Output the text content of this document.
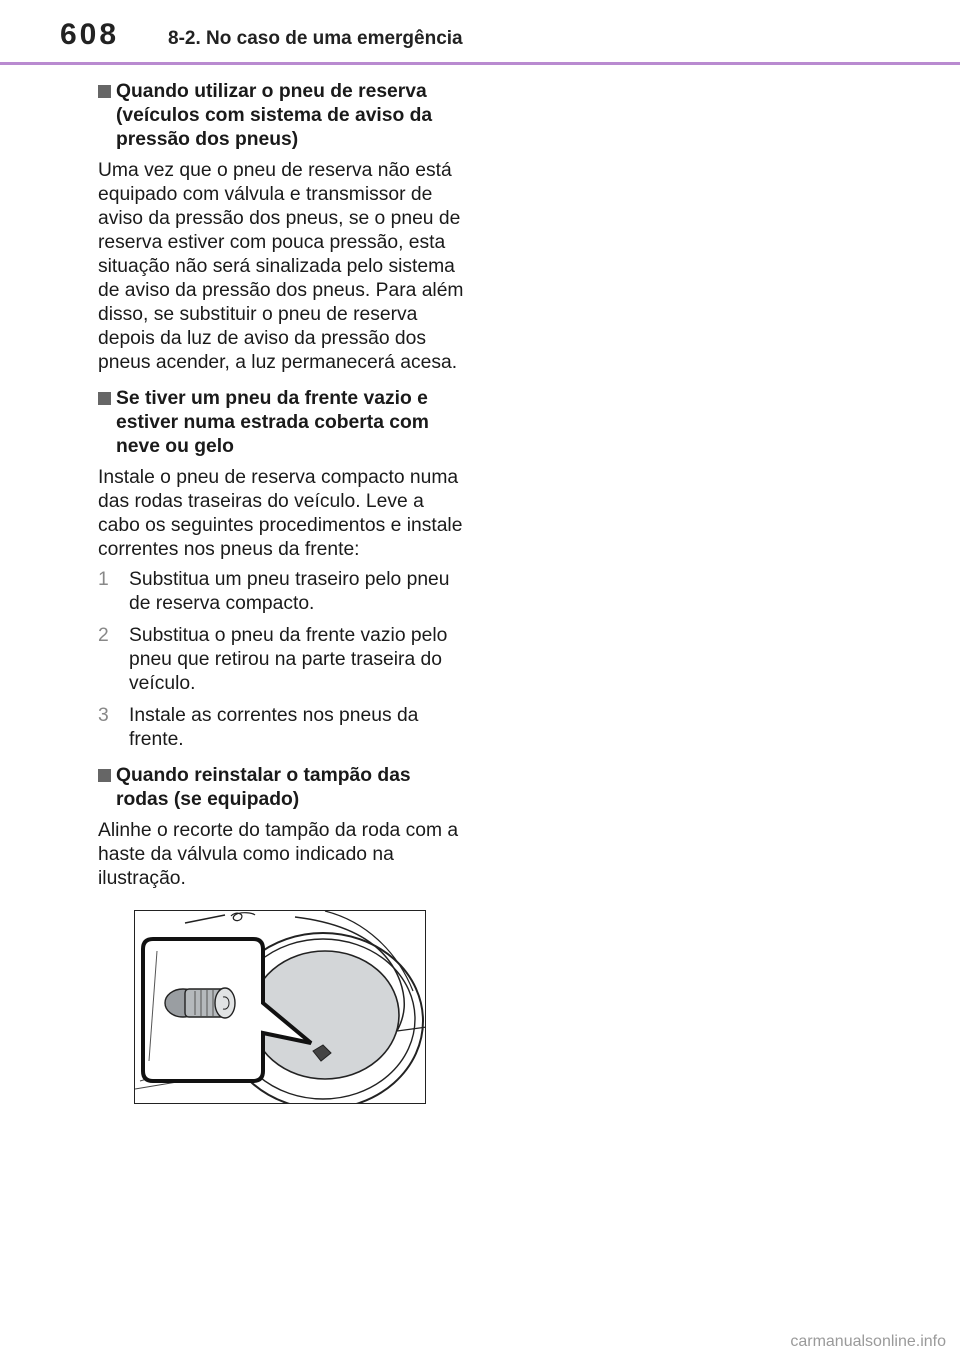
608	8-2. No caso de uma emergência
Quando utilizar o pneu de reserva (veículos com sistema de aviso da pressão dos pneus)

Uma vez que o pneu de reserva não está equipado com válvula e transmissor de aviso da pressão dos pneus, se o pneu de reserva estiver com pouca pressão, esta situação não será sinalizada pelo sistema de aviso da pressão dos pneus. Para além disso, se substituir o pneu de reserva depois da luz de aviso da pressão dos pneus acender, a luz permanecerá acesa.

Se tiver um pneu da frente vazio e estiver numa estrada coberta com neve ou gelo

Instale o pneu de reserva compacto numa das rodas traseiras do veículo. Leve a cabo os seguintes procedimentos e instale correntes nos pneus da frente:

1 Substitua um pneu traseiro pelo pneu de reserva compacto.
2 Substitua o pneu da frente vazio pelo pneu que retirou na parte traseira do veículo.
3 Instale as correntes nos pneus da frente.
Quando reinstalar o tampão das rodas (se equipado)

Alinhe o recorte do tampão da roda com a haste da válvula como indicado na ilustração.

carmanualsonline.info
